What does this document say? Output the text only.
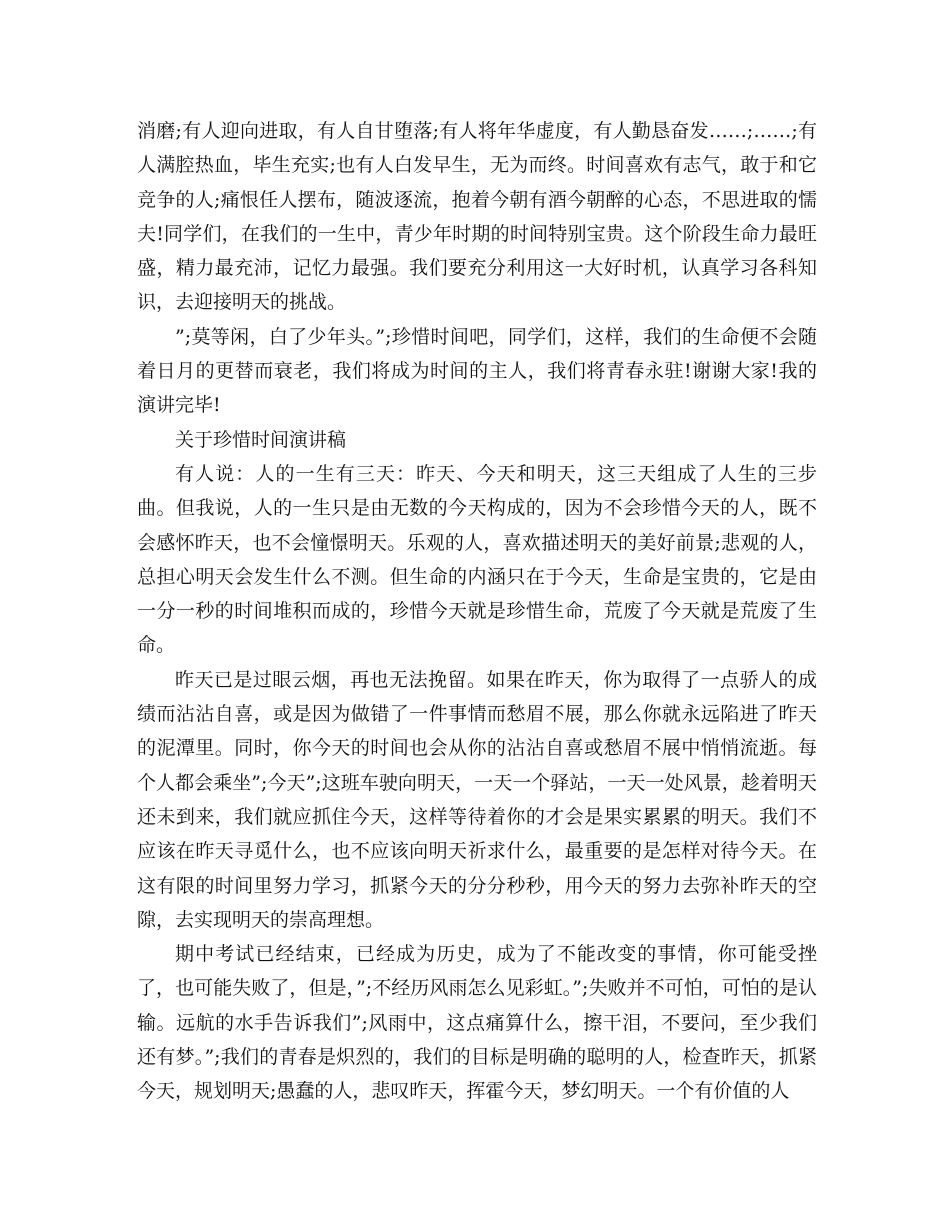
消磨;有人迎向进取，有人自甘堕落;有人将年华虚度，有人勤恳奋发……;……;有人满腔热血，毕生充实;也有人白发早生，无为而终。时间喜欢有志气，敢于和它竞争的人;痛恨任人摆布，随波逐流，抱着今朝有酒今朝醉的心态，不思进取的懦夫!同学们，在我们的一生中，青少年时期的时间特别宝贵。这个阶段生命力最旺盛，精力最充沛，记忆力最强。我们要充分利用这一大好时机，认真学习各科知识，去迎接明天的挑战。

”;莫等闲，白了少年头。”;珍惜时间吧，同学们，这样，我们的生命便不会随着日月的更替而衰老，我们将成为时间的主人，我们将青春永驻!谢谢大家!我的演讲完毕!

关于珍惜时间演讲稿

有人说：人的一生有三天：昨天、今天和明天，这三天组成了人生的三步曲。但我说，人的一生只是由无数的今天构成的，因为不会珍惜今天的人，既不会感怀昨天，也不会憧憬明天。乐观的人，喜欢描述明天的美好前景;悲观的人，总担心明天会发生什么不测。但生命的内涵只在于今天，生命是宝贵的，它是由一分一秒的时间堆积而成的，珍惜今天就是珍惜生命，荒废了今天就是荒废了生命。

昨天已是过眼云烟，再也无法挽留。如果在昨天，你为取得了一点骄人的成绩而沾沾自喜，或是因为做错了一件事情而愁眉不展，那么你就永远陷进了昨天的泥潭里。同时，你今天的时间也会从你的沾沾自喜或愁眉不展中悄悄流逝。每个人都会乘坐”;今天”;这班车驶向明天，一天一个驿站，一天一处风景，趁着明天还未到来，我们就应抓住今天，这样等待着你的才会是果实累累的明天。我们不应该在昨天寻觅什么，也不应该向明天祈求什么，最重要的是怎样对待今天。在这有限的时间里努力学习，抓紧今天的分分秒秒，用今天的努力去弥补昨天的空隙，去实现明天的崇高理想。

期中考试已经结束，已经成为历史，成为了不能改变的事情，你可能受挫了，也可能失败了，但是，”;不经历风雨怎么见彩虹。”;失败并不可怕，可怕的是认输。远航的水手告诉我们”;风雨中，这点痛算什么，擦干泪，不要问，至少我们还有梦。”;我们的青春是炽烈的，我们的目标是明确的聪明的人，检查昨天，抓紧今天，规划明天;愚蠢的人，悲叹昨天，挥霍今天，梦幻明天。一个有价值的人
